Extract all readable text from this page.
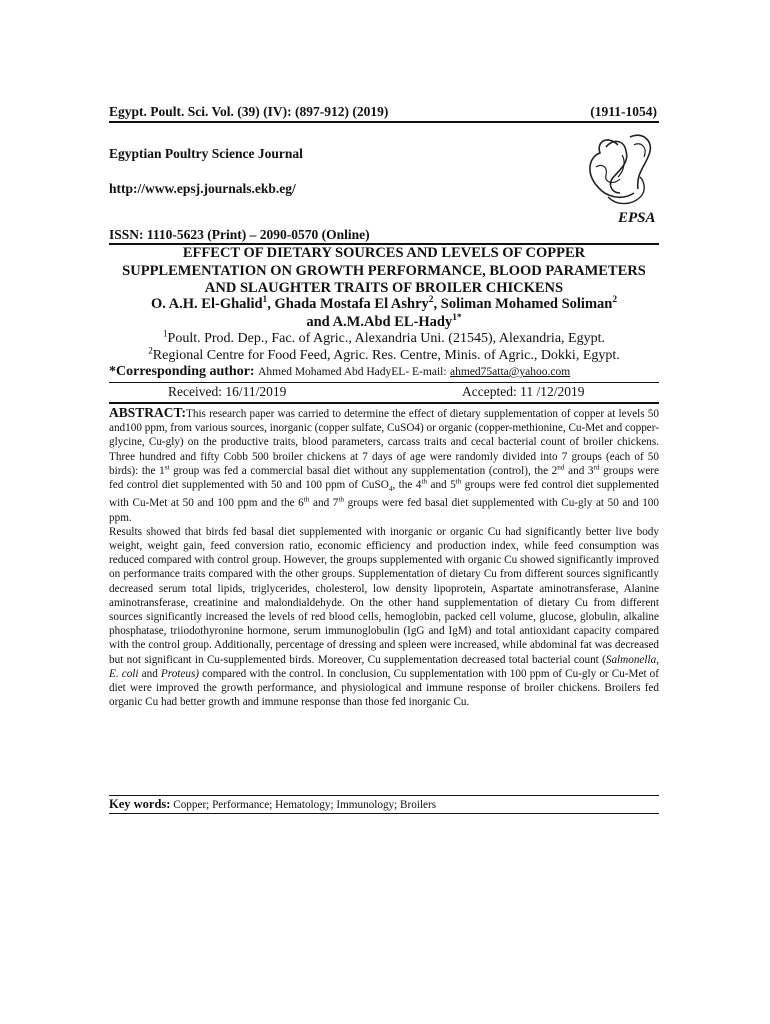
Egypt. Poult. Sci. Vol. (39) (IV): (897-912) (2019)	(1911-1054)
Egyptian Poultry Science Journal
http://www.epsj.journals.ekb.eg/
ISSN: 1110-5623 (Print) – 2090-0570 (Online)
EPSA
EFFECT OF DIETARY SOURCES AND LEVELS OF COPPER SUPPLEMENTATION ON GROWTH PERFORMANCE, BLOOD PARAMETERS AND SLAUGHTER TRAITS OF BROILER CHICKENS
O. A.H. El-Ghalid$^1$, Ghada Mostafa El Ashry$^2$, Soliman Mohamed Soliman$^2$
and A.M.Abd EL-Hady$^{1*}$
$^1$Poult. Prod. Dep., Fac. of Agric., Alexandria Uni. (21545), Alexandria, Egypt.
$^2$Regional Centre for Food Feed, Agric. Res. Centre, Minis. of Agric., Dokki, Egypt.
*Corresponding author: Ahmed Mohamed Abd HadyEL- E-mail: ahmed75atta@yahoo.com
Received: 16/11/2019	Accepted: 11 /12/2019

ABSTRACT:This research paper was carried to determine the effect of dietary supplementation of copper at levels 50 and100 ppm, from various sources, inorganic (copper sulfate, CuSO4) or organic (copper-methionine, Cu-Met and copper-glycine, Cu-gly) on the productive traits, blood parameters, carcass traits and cecal bacterial count of broiler chickens. Three hundred and fifty Cobb 500 broiler chickens at 7 days of age were randomly divided into 7 groups (each of 50 birds): the 1st group was fed a commercial basal diet without any supplementation (control), the 2nd and 3rd groups were fed control diet supplemented with 50 and 100 ppm of CuSO$_4$, the 4th and 5th groups were fed control diet supplemented with Cu-Met at 50 and 100 ppm and the 6th and 7th groups were fed basal diet supplemented with Cu-gly at 50 and 100 ppm.

Results showed that birds fed basal diet supplemented with inorganic or organic Cu had significantly better live body weight, weight gain, feed conversion ratio, economic efficiency and production index, while feed consumption was reduced compared with control group. However, the groups supplemented with organic Cu showed significantly improved on performance traits compared with the other groups. Supplementation of dietary Cu from different sources significantly decreased serum total lipids, triglycerides, cholesterol, low density lipoprotein, Aspartate aminotransferase, Alanine aminotransferase, creatinine and malondialdehyde. On the other hand supplementation of dietary Cu from different sources significantly increased the levels of red blood cells, hemoglobin, packed cell volume, glucose, globulin, alkaline phosphatase, triiodothyronine hormone, serum immunoglobulin (IgG and IgM) and total antioxidant capacity compared with the control group. Additionally, percentage of dressing and spleen were increased, while abdominal fat was decreased but not significant in Cu-supplemented birds. Moreover, Cu supplementation decreased total bacterial count (Salmonella, E. coli and Proteus) compared with the control. In conclusion, Cu supplementation with 100 ppm of Cu-gly or Cu-Met of diet were improved the growth performance, and physiological and immune response of broiler chickens. Broilers fed organic Cu had better growth and immune response than those fed inorganic Cu.

Key words: Copper; Performance; Hematology; Immunology; Broilers
